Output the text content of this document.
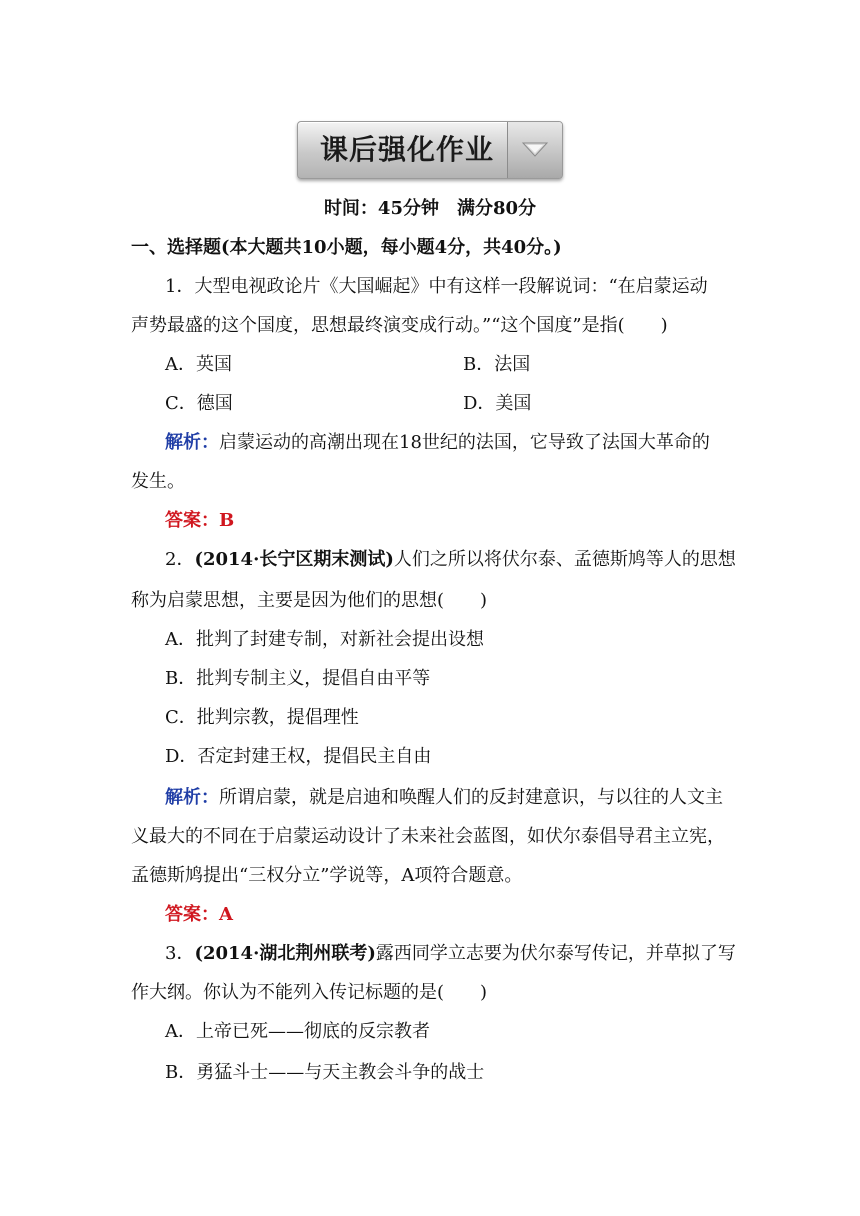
课后强化作业
时间：45分钟　满分80分
一、选择题(本大题共10小题，每小题4分，共40分。)
1．大型电视政论片《大国崛起》中有这样一段解说词：“在启蒙运动
声势最盛的这个国度，思想最终演变成行动。”“这个国度”是指(　　)
A．英国	B．法国
C．德国	D．美国
解析：启蒙运动的高潮出现在18世纪的法国，它导致了法国大革命的
发生。
答案：B
2．(2014·长宁区期末测试)人们之所以将伏尔泰、孟德斯鸠等人的思想
称为启蒙思想，主要是因为他们的思想(　　)
A．批判了封建专制，对新社会提出设想
B．批判专制主义，提倡自由平等
C．批判宗教，提倡理性
D．否定封建王权，提倡民主自由
解析：所谓启蒙，就是启迪和唤醒人们的反封建意识，与以往的人文主
义最大的不同在于启蒙运动设计了未来社会蓝图，如伏尔泰倡导君主立宪，
孟德斯鸠提出“三权分立”学说等，A项符合题意。
答案：A
3．(2014·湖北荆州联考)露西同学立志要为伏尔泰写传记，并草拟了写
作大纲。你认为不能列入传记标题的是(　　)
A．上帝已死——彻底的反宗教者
B．勇猛斗士——与天主教会斗争的战士
